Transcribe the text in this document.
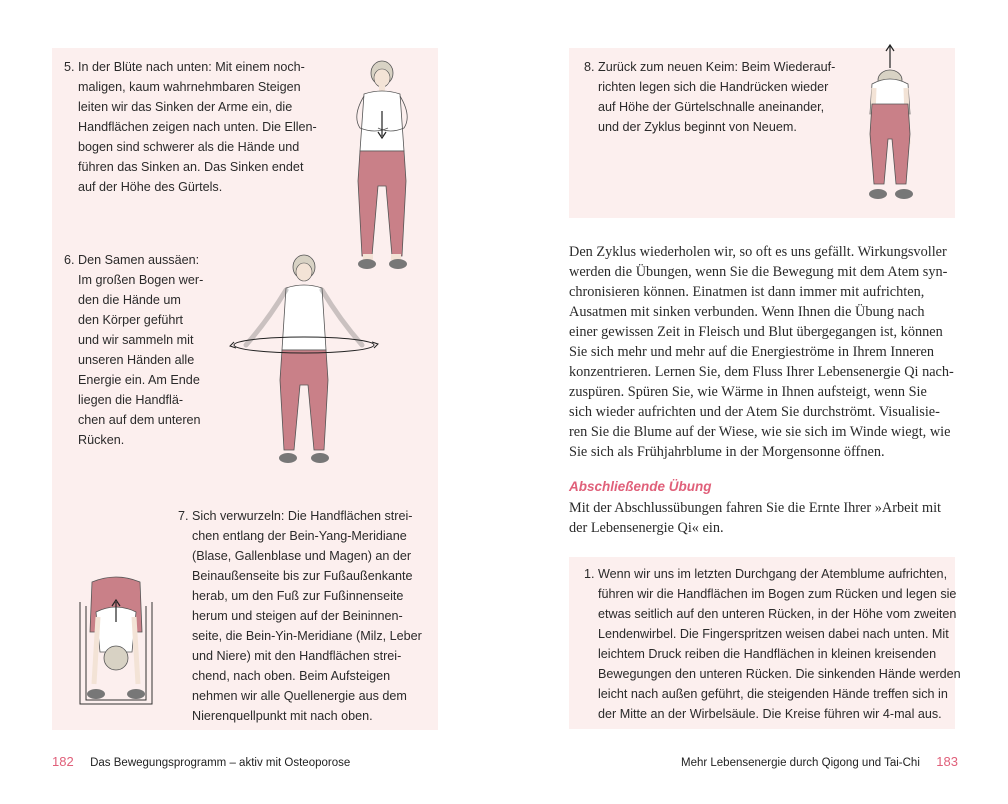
5. In der Blüte nach unten: Mit einem noch-
maligen, kaum wahrnehmbaren Steigen
leiten wir das Sinken der Arme ein, die
Handflächen zeigen nach unten. Die Ellen-
bogen sind schwerer als die Hände und
führen das Sinken an. Das Sinken endet
auf der Höhe des Gürtels.
6. Den Samen aussäen:
Im großen Bogen wer-
den die Hände um
den Körper geführt
und wir sammeln mit
unseren Händen alle
Energie ein. Am Ende
liegen die Handflä-
chen auf dem unteren
Rücken.
7. Sich verwurzeln: Die Handflächen strei-
chen entlang der Bein-Yang-Meridiane
(Blase, Gallenblase und Magen) an der
Beinaußenseite bis zur Fußaußenkante
herab, um den Fuß zur Fußinnenseite
herum und steigen auf der Beininnen-
seite, die Bein-Yin-Meridiane (Milz, Leber
und Niere) mit den Handflächen strei-
chend, nach oben. Beim Aufsteigen
nehmen wir alle Quellenergie aus dem
Nierenquellpunkt mit nach oben.
182 Das Bewegungsprogramm – aktiv mit Osteoporose
8. Zurück zum neuen Keim: Beim Wiederauf-
richten legen sich die Handrücken wieder
auf Höhe der Gürtelschnalle aneinander,
und der Zyklus beginnt von Neuem.
Den Zyklus wiederholen wir, so oft es uns gefällt. Wirkungsvoller
werden die Übungen, wenn Sie die Bewegung mit dem Atem syn-
chronisieren können. Einatmen ist dann immer mit aufrichten,
Ausatmen mit sinken verbunden. Wenn Ihnen die Übung nach
einer gewissen Zeit in Fleisch und Blut übergegangen ist, können
Sie sich mehr und mehr auf die Energieströme in Ihrem Inneren
konzentrieren. Lernen Sie, dem Fluss Ihrer Lebensenergie Qi nach-
zuspüren. Spüren Sie, wie Wärme in Ihnen aufsteigt, wenn Sie
sich wieder aufrichten und der Atem Sie durchströmt. Visualisie-
ren Sie die Blume auf der Wiese, wie sie sich im Winde wiegt, wie
Sie sich als Frühjahrblume in der Morgensonne öffnen.
Abschließende Übung
Mit der Abschlussübungen fahren Sie die Ernte Ihrer »Arbeit mit
der Lebensenergie Qi« ein.
1. Wenn wir uns im letzten Durchgang der Atemblume aufrichten,
führen wir die Handflächen im Bogen zum Rücken und legen sie
etwas seitlich auf den unteren Rücken, in der Höhe vom zweiten
Lendenwirbel. Die Fingerspritzen weisen dabei nach unten. Mit
leichtem Druck reiben die Handflächen in kleinen kreisenden
Bewegungen den unteren Rücken. Die sinkenden Hände werden
leicht nach außen geführt, die steigenden Hände treffen sich in
der Mitte an der Wirbelsäule. Die Kreise führen wir 4-mal aus.
Mehr Lebensenergie durch Qigong und Tai-Chi 183
